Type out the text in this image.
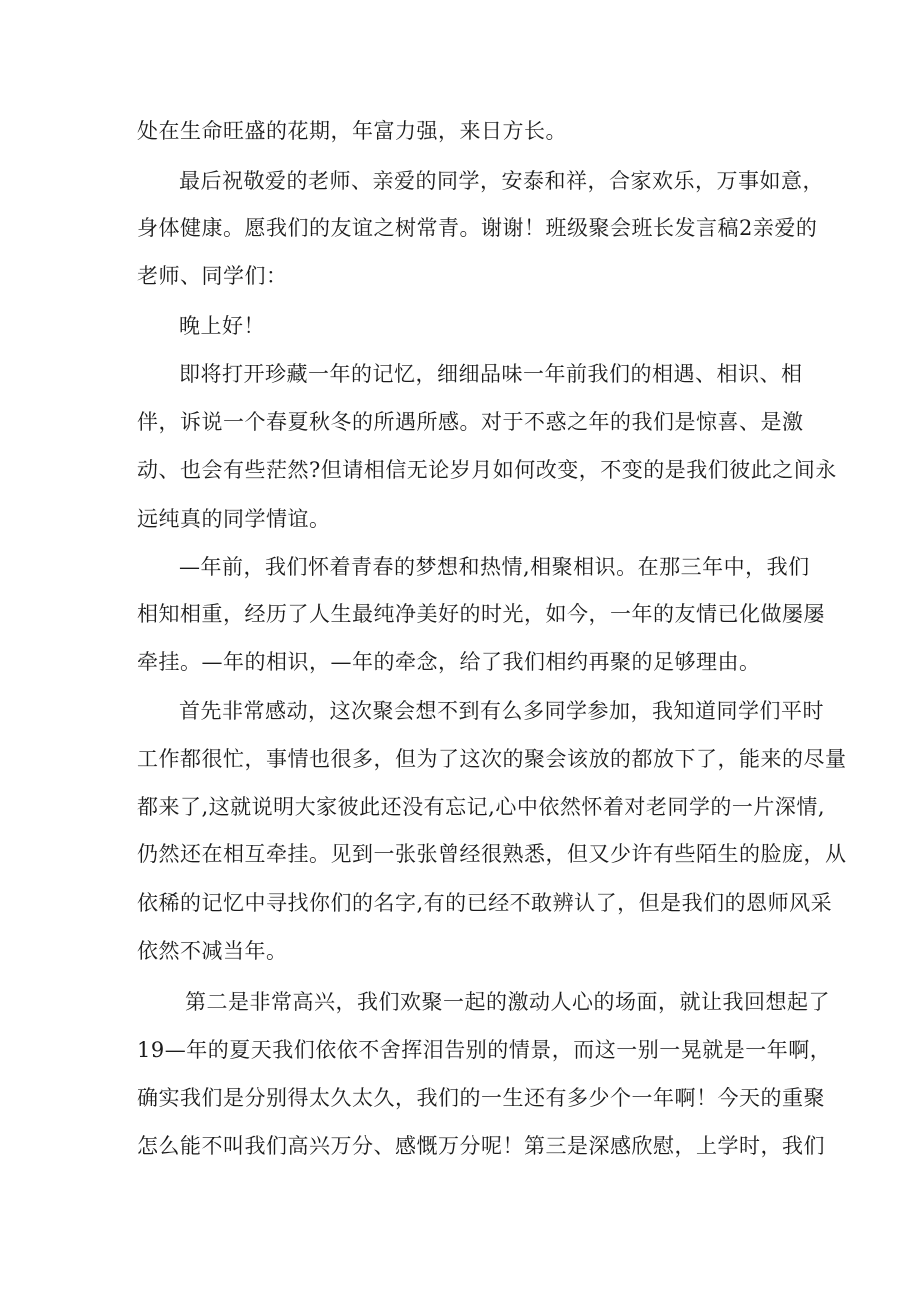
处在生命旺盛的花期，年富力强，来日方长。
最后祝敬爱的老师、亲爱的同学，安泰和祥，合家欢乐，万事如意，
身体健康。愿我们的友谊之树常青。谢谢！班级聚会班长发言稿2亲爱的
老师、同学们：
晚上好！
即将打开珍藏一年的记忆，细细品味一年前我们的相遇、相识、相
伴，诉说一个春夏秋冬的所遇所感。对于不惑之年的我们是惊喜、是激
动、也会有些茫然?但请相信无论岁月如何改变，不变的是我们彼此之间永
远纯真的同学情谊。
—年前，我们怀着青春的梦想和热情,相聚相识。在那三年中，我们
相知相重，经历了人生最纯净美好的时光，如今，一年的友情已化做屡屡
牵挂。—年的相识，—年的牵念，给了我们相约再聚的足够理由。
首先非常感动，这次聚会想不到有么多同学参加，我知道同学们平时
工作都很忙，事情也很多，但为了这次的聚会该放的都放下了，能来的尽量
都来了,这就说明大家彼此还没有忘记,心中依然怀着对老同学的一片深情,
仍然还在相互牵挂。见到一张张曾经很熟悉，但又少许有些陌生的脸庞，从
依稀的记忆中寻找你们的名字,有的已经不敢辨认了，但是我们的恩师风采
依然不减当年。
第二是非常高兴，我们欢聚一起的激动人心的场面，就让我回想起了
19—年的夏天我们依依不舍挥泪告别的情景，而这一别一晃就是一年啊，
确实我们是分别得太久太久，我们的一生还有多少个一年啊！今天的重聚
怎么能不叫我们高兴万分、感慨万分呢！第三是深感欣慰，上学时，我们
